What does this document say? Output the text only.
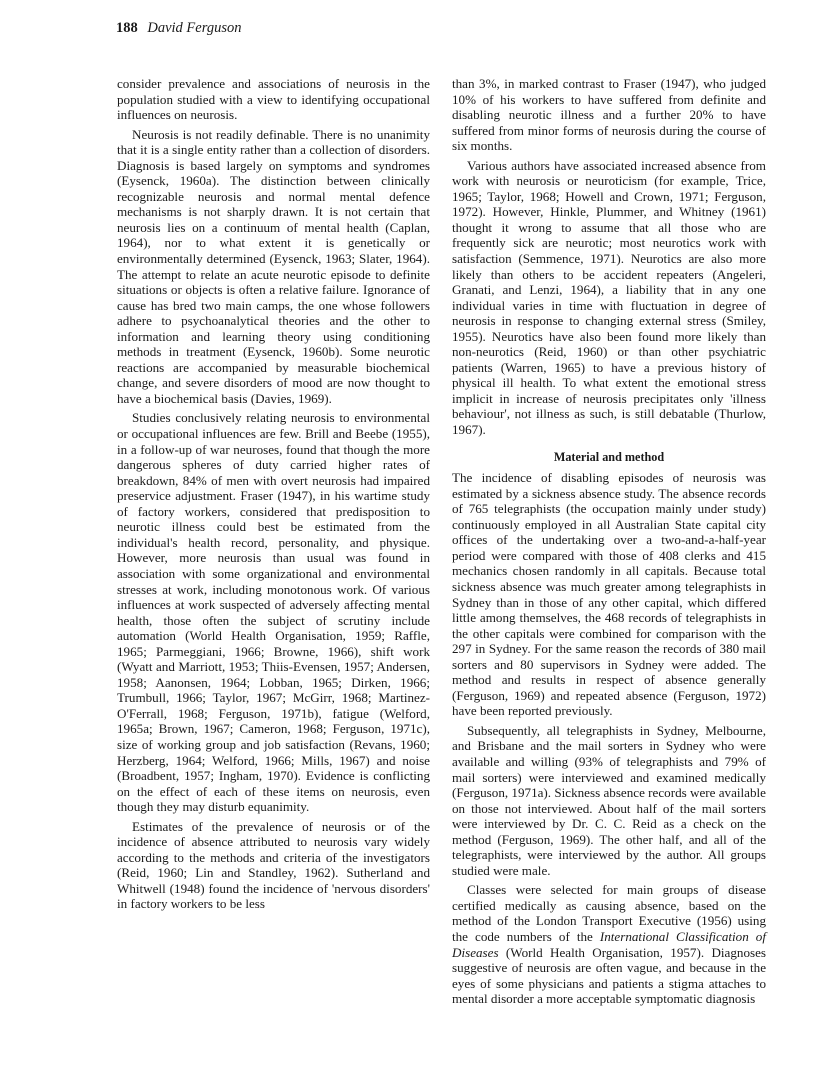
188 David Ferguson

consider prevalence and associations of neurosis in the population studied with a view to identifying occupational influences on neurosis.

Neurosis is not readily definable. There is no unanimity that it is a single entity rather than a collection of disorders. Diagnosis is based largely on symptoms and syndromes (Eysenck, 1960a). The distinction between clinically recognizable neurosis and normal mental defence mechanisms is not sharply drawn. It is not certain that neurosis lies on a continuum of mental health (Caplan, 1964), nor to what extent it is genetically or environmentally determined (Eysenck, 1963; Slater, 1964). The attempt to relate an acute neurotic episode to definite situations or objects is often a relative failure. Ignorance of cause has bred two main camps, the one whose followers adhere to psychoanalytical theories and the other to information and learning theory using conditioning methods in treatment (Eysenck, 1960b). Some neurotic reactions are accompanied by measurable biochemical change, and severe disorders of mood are now thought to have a biochemical basis (Davies, 1969).

Studies conclusively relating neurosis to environmental or occupational influences are few. Brill and Beebe (1955), in a follow-up of war neuroses, found that though the more dangerous spheres of duty carried higher rates of breakdown, 84% of men with overt neurosis had impaired preservice adjustment. Fraser (1947), in his wartime study of factory workers, considered that predisposition to neurotic illness could best be estimated from the individual's health record, personality, and physique. However, more neurosis than usual was found in association with some organizational and environmental stresses at work, including monotonous work. Of various influences at work suspected of adversely affecting mental health, those often the subject of scrutiny include automation (World Health Organisation, 1959; Raffle, 1965; Parmeggiani, 1966; Browne, 1966), shift work (Wyatt and Marriott, 1953; Thiis-Evensen, 1957; Andersen, 1958; Aanonsen, 1964; Lobban, 1965; Dirken, 1966; Trumbull, 1966; Taylor, 1967; McGirr, 1968; Martinez-O'Ferrall, 1968; Ferguson, 1971b), fatigue (Welford, 1965a; Brown, 1967; Cameron, 1968; Ferguson, 1971c), size of working group and job satisfaction (Revans, 1960; Herzberg, 1964; Welford, 1966; Mills, 1967) and noise (Broadbent, 1957; Ingham, 1970). Evidence is conflicting on the effect of each of these items on neurosis, even though they may disturb equanimity.

Estimates of the prevalence of neurosis or of the incidence of absence attributed to neurosis vary widely according to the methods and criteria of the investigators (Reid, 1960; Lin and Standley, 1962). Sutherland and Whitwell (1948) found the incidence of 'nervous disorders' in factory workers to be less

than 3%, in marked contrast to Fraser (1947), who judged 10% of his workers to have suffered from definite and disabling neurotic illness and a further 20% to have suffered from minor forms of neurosis during the course of six months.

Various authors have associated increased absence from work with neurosis or neuroticism (for example, Trice, 1965; Taylor, 1968; Howell and Crown, 1971; Ferguson, 1972). However, Hinkle, Plummer, and Whitney (1961) thought it wrong to assume that all those who are frequently sick are neurotic; most neurotics work with satisfaction (Semmence, 1971). Neurotics are also more likely than others to be accident repeaters (Angeleri, Granati, and Lenzi, 1964), a liability that in any one individual varies in time with fluctuation in degree of neurosis in response to changing external stress (Smiley, 1955). Neurotics have also been found more likely than non-neurotics (Reid, 1960) or than other psychiatric patients (Warren, 1965) to have a previous history of physical ill health. To what extent the emotional stress implicit in increase of neurosis precipitates only 'illness behaviour', not illness as such, is still debatable (Thurlow, 1967).

Material and method

The incidence of disabling episodes of neurosis was estimated by a sickness absence study. The absence records of 765 telegraphists (the occupation mainly under study) continuously employed in all Australian State capital city offices of the undertaking over a two-and-a-half-year period were compared with those of 408 clerks and 415 mechanics chosen randomly in all capitals. Because total sickness absence was much greater among telegraphists in Sydney than in those of any other capital, which differed little among themselves, the 468 records of telegraphists in the other capitals were combined for comparison with the 297 in Sydney. For the same reason the records of 380 mail sorters and 80 supervisors in Sydney were added. The method and results in respect of absence generally (Ferguson, 1969) and repeated absence (Ferguson, 1972) have been reported previously.

Subsequently, all telegraphists in Sydney, Melbourne, and Brisbane and the mail sorters in Sydney who were available and willing (93% of telegraphists and 79% of mail sorters) were interviewed and examined medically (Ferguson, 1971a). Sickness absence records were available on those not interviewed. About half of the mail sorters were interviewed by Dr. C. C. Reid as a check on the method (Ferguson, 1969). The other half, and all of the telegraphists, were interviewed by the author. All groups studied were male.

Classes were selected for main groups of disease certified medically as causing absence, based on the method of the London Transport Executive (1956) using the code numbers of the International Classification of Diseases (World Health Organisation, 1957). Diagnoses suggestive of neurosis are often vague, and because in the eyes of some physicians and patients a stigma attaches to mental disorder a more acceptable symptomatic diagnosis
